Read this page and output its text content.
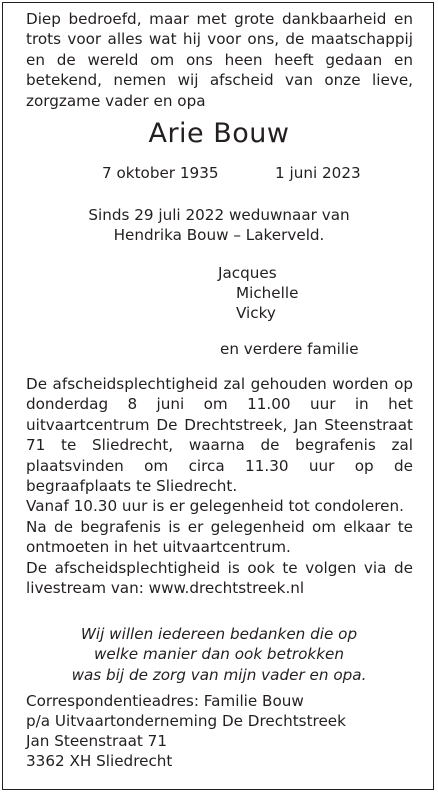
Diep bedroefd, maar met grote dankbaarheid en trots voor alles wat hij voor ons, de maatschappij en de wereld om ons heen heeft gedaan en betekend, nemen wij afscheid van onze lieve, zorgzame vader en opa
Arie Bouw
7 oktober 1935	1 juni 2023
Sinds 29 juli 2022 weduwnaar van
Hendrika Bouw – Lakerveld.
Jacques
Michelle
Vicky
en verdere familie
De afscheidsplechtigheid zal gehouden worden op donderdag 8 juni om 11.00 uur in het uitvaartcentrum De Drechtstreek, Jan Steenstraat 71 te Sliedrecht, waarna de begrafenis zal plaatsvinden om circa 11.30 uur op de begraafplaats te Sliedrecht.
Vanaf 10.30 uur is er gelegenheid tot condoleren.
Na de begrafenis is er gelegenheid om elkaar te ontmoeten in het uitvaartcentrum.
De afscheidsplechtigheid is ook te volgen via de livestream van: www.drechtstreek.nl
Wij willen iedereen bedanken die op
welke manier dan ook betrokken
was bij de zorg van mijn vader en opa.
Correspondentieadres: Familie Bouw
p/a Uitvaartonderneming De Drechtstreek
Jan Steenstraat 71
3362 XH Sliedrecht
